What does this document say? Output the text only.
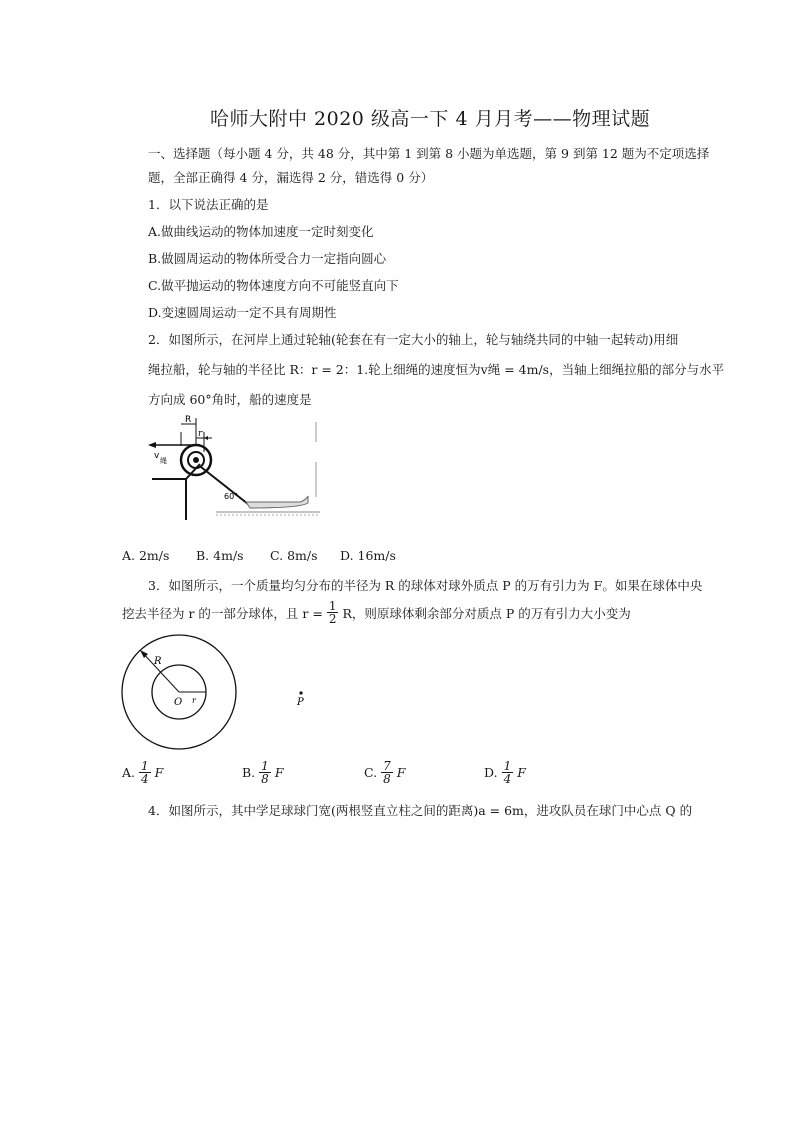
哈师大附中 2020 级高一下 4 月月考——物理试题
一、选择题（每小题 4 分，共 48 分，其中第 1 到第 8 小题为单选题，第 9 到第 12 题为不定项选择
题，全部正确得 4 分，漏选得 2 分，错选得 0 分）
1．以下说法正确的是
A.做曲线运动的物体加速度一定时刻变化
B.做圆周运动的物体所受合力一定指向圆心
C.做平抛运动的物体速度方向不可能竖直向下
D.变速圆周运动一定不具有周期性
2．如图所示，在河岸上通过轮轴(轮套在有一定大小的轴上，轮与轴绕共同的中轴一起转动)用细
绳拉船，轮与轴的半径比 R：r = 2：1.轮上细绳的速度恒为v绳 = 4m/s，当轴上细绳拉船的部分与水平
方向成 60°角时，船的速度是
R
r
v 绳
60°
A. 2m/s B. 4m/s C. 8m/s D. 16m/s
3．如图所示，一个质量均匀分布的半径为 R 的球体对球外质点 P 的万有引力为 F。如果在球体中央
挖去半径为 r 的一部分球体，且 $r = \frac{1}{2}$ R，则原球体剩余部分对质点 P 的万有引力大小变为
R
O r	P
A. $\frac{1}{4}$ F	B. $\frac{1}{8}$ F	C. $\frac{7}{8}$ F	D. $\frac{1}{4}$ F
4．如图所示，其中学足球球门宽(两根竖直立柱之间的距离)a = 6m，进攻队员在球门中心点 Q 的
